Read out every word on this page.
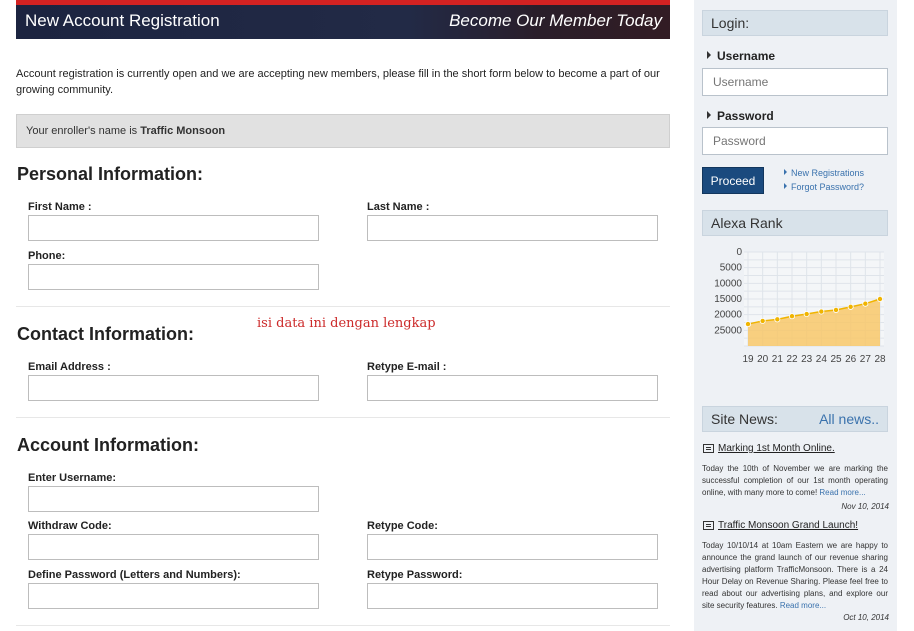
New Account Registration	Become Our Member Today

Account registration is currently open and we are accepting new members, please fill in the short form below to become a part of our growing community.

Your enroller's name is Traffic Monsoon
Personal Information:
First Name :	Last Name :
Phone:
Contact Information:
isi data ini dengan lengkap
Email Address :	Retype E-mail :
Account Information:
Enter Username:
Withdraw Code:	Retype Code:
Define Password (Letters and Numbers):	Retype Password:
Login:
Username
Username
Password
Proceed
New Registrations
Forgot Password?
Alexa Rank
0
5000
10000
15000
20000
25000
19 20 21 22 23 24 25 26 27 28
Site News:	All news..
Marking 1st Month Online.

Today the 10th of November we are marking the successful completion of our 1st month operating online, with many more to come! Read more...

Nov 10, 2014
Traffic Monsoon Grand Launch!

Today 10/10/14 at 10am Eastern we are happy to announce the grand launch of our revenue sharing advertising platform TrafficMonsoon. There is a 24 Hour Delay on Revenue Sharing. Please feel free to read about our advertising plans, and explore our site security features. Read more...

Oct 10, 2014
